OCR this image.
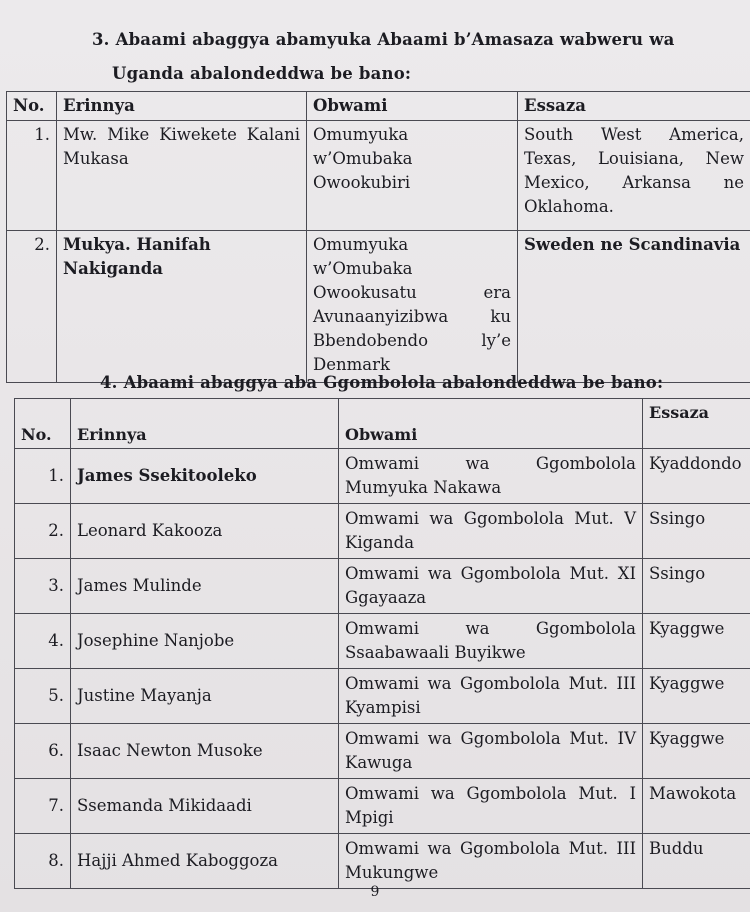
3. Abaami abaggya abamyuka Abaami b’Amasaza wabweru wa
Uganda abalondeddwa be bano:
No.	Erinnya	Obwami	Essaza
1.	Mw. Mike Kiwekete Kalani Mukasa	Omumyuka w’Omubaka Owookubiri	South West America, Texas, Louisiana, New Mexico, Arkansa ne Oklahoma.
2.	Mukya. Hanifah Nakiganda	Omumyuka w’Omubaka Owookusatu era Avunaanyizibwa ku Bbendobendo ly’e Denmark	Sweden ne Scandinavia
4. Abaami abaggya aba Ggombolola abalondeddwa be bano:
No.	Erinnya	Obwami	Essaza
1.	James Ssekitooleko	Omwami wa Ggombolola Mumyuka Nakawa	Kyaddondo
2.	Leonard Kakooza	Omwami wa Ggombolola Mut. V Kiganda	Ssingo
3.	James Mulinde	Omwami wa Ggombolola Mut. XI Ggayaaza	Ssingo
4.	Josephine Nanjobe	Omwami wa Ggombolola Ssaabawaali Buyikwe	Kyaggwe
5.	Justine Mayanja	Omwami wa Ggombolola Mut. III Kyampisi	Kyaggwe
6.	Isaac Newton Musoke	Omwami wa Ggombolola Mut. IV Kawuga	Kyaggwe
7.	Ssemanda Mikidaadi	Omwami wa Ggombolola Mut. I Mpigi	Mawokota
8.	Hajji Ahmed Kaboggoza	Omwami wa Ggombolola Mut. III Mukungwe	Buddu
9
